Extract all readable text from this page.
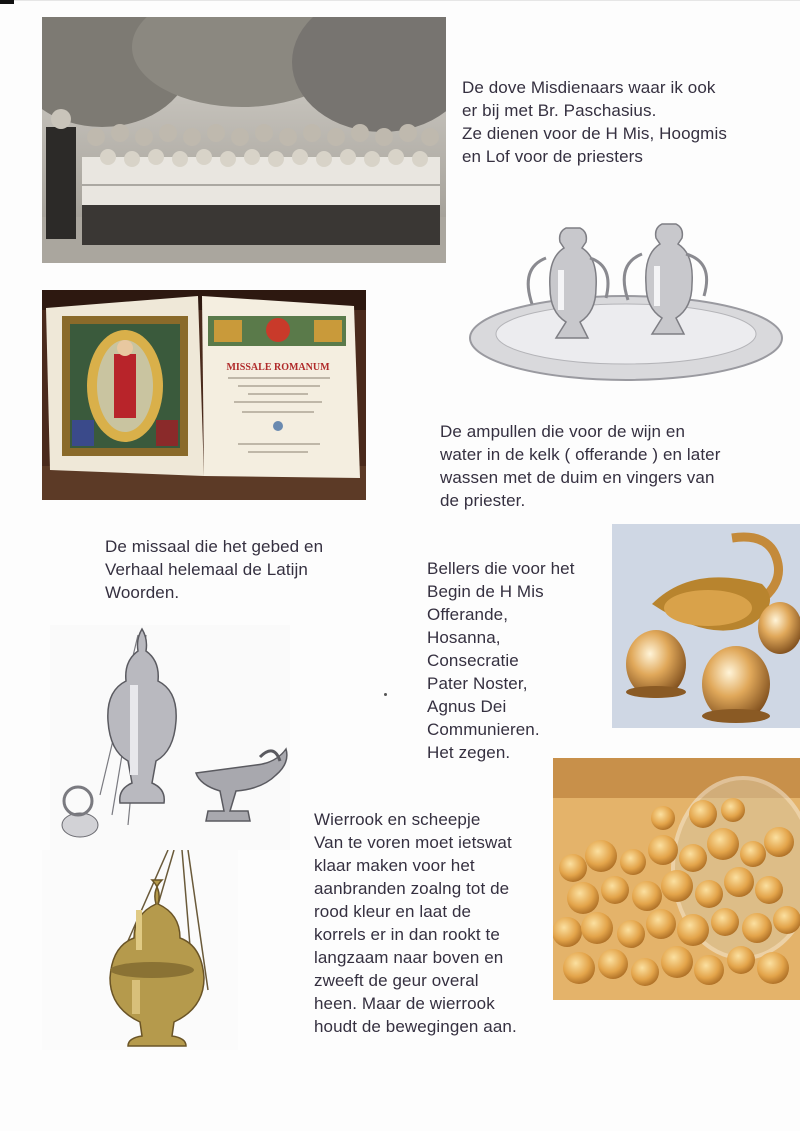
De dove Misdienaars waar ik ook
er bij met Br. Paschasius.
Ze dienen voor de H Mis, Hoogmis
en Lof voor de priesters
MISSALE ROMANUM
De ampullen die voor de wijn en
water in de kelk ( offerande ) en later
wassen met de duim en vingers van
de priester.
De missaal die het gebed en
Verhaal helemaal de Latijn
Woorden.
Bellers die voor het
Begin de H Mis
Offerande,
Hosanna,
Consecratie
Pater Noster,
Agnus Dei
Communieren.
Het zegen.
Wierrook en scheepje
Van te voren moet ietswat
klaar maken voor het
aanbranden zoalng tot de
rood kleur en laat de
korrels er in dan rookt te
langzaam naar boven en
zweeft de geur overal
heen. Maar de wierrook
houdt de bewegingen aan.
